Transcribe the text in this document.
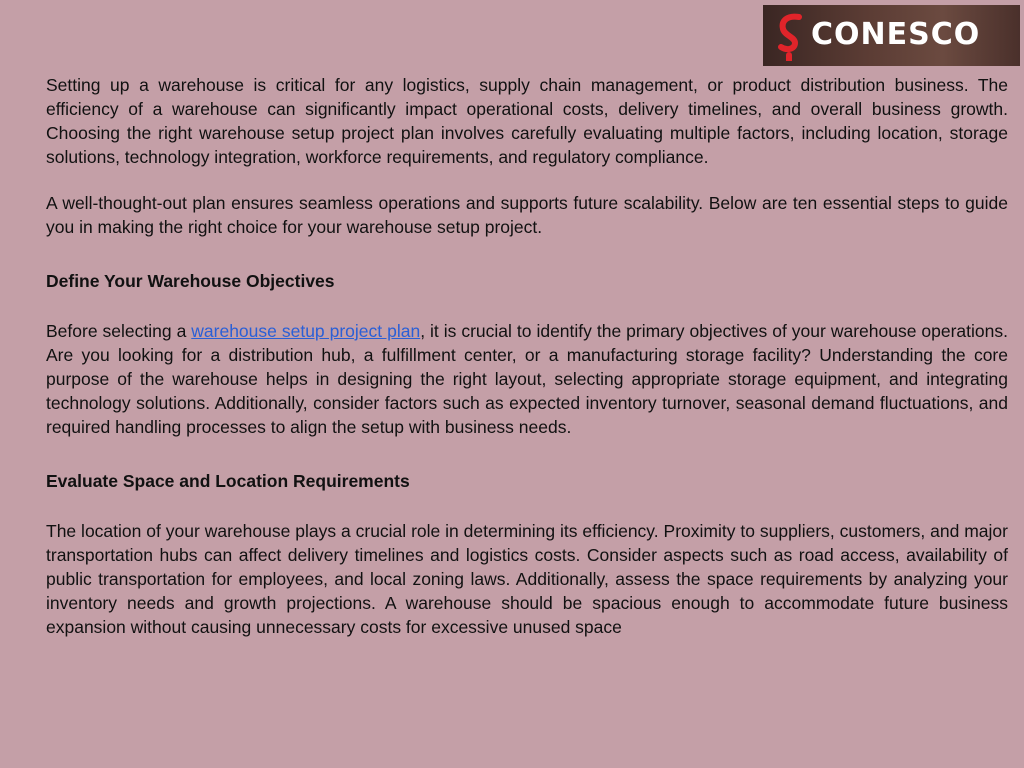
CONESCO

Setting up a warehouse is critical for any logistics, supply chain management, or product distribution business. The efficiency of a warehouse can significantly impact operational costs, delivery timelines, and overall business growth. Choosing the right warehouse setup project plan involves carefully evaluating multiple factors, including location, storage solutions, technology integration, workforce requirements, and regulatory compliance.

A well-thought-out plan ensures seamless operations and supports future scalability. Below are ten essential steps to guide you in making the right choice for your warehouse setup project.

Define Your Warehouse Objectives

Before selecting a warehouse setup project plan, it is crucial to identify the primary objectives of your warehouse operations. Are you looking for a distribution hub, a fulfillment center, or a manufacturing storage facility? Understanding the core purpose of the warehouse helps in designing the right layout, selecting appropriate storage equipment, and integrating technology solutions. Additionally, consider factors such as expected inventory turnover, seasonal demand fluctuations, and required handling processes to align the setup with business needs.

Evaluate Space and Location Requirements

The location of your warehouse plays a crucial role in determining its efficiency. Proximity to suppliers, customers, and major transportation hubs can affect delivery timelines and logistics costs. Consider aspects such as road access, availability of public transportation for employees, and local zoning laws. Additionally, assess the space requirements by analyzing your inventory needs and growth projections. A warehouse should be spacious enough to accommodate future business expansion without causing unnecessary costs for excessive unused space
